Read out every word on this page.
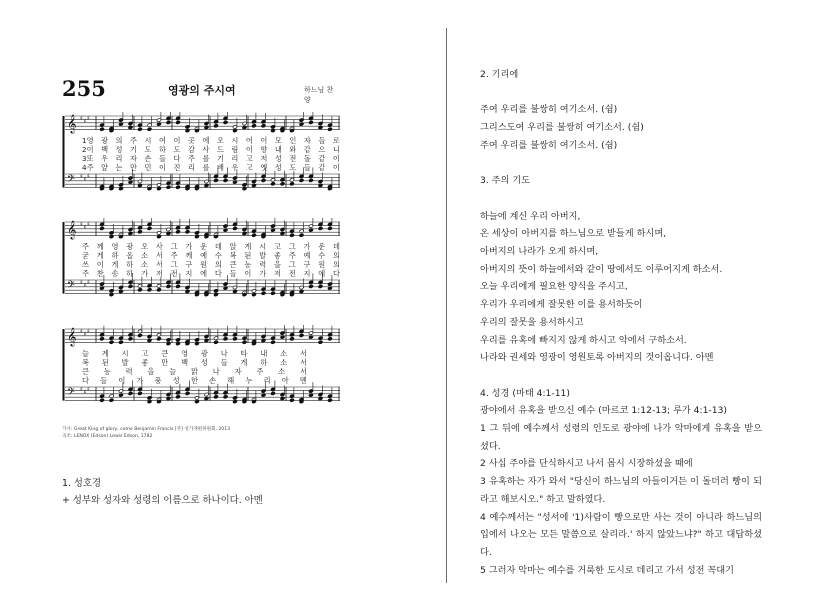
255	영광의 주시여	하느님 찬양
𝄞 ♯ ♯ ♯
𝄢 ♯ ♯ ♯
1영 광 의 주 시 여 이 곳 에 오 시 어 이 모 인 자 들 로
2이 백 성 기 도 하 도 감 사 드 림 이 향 내 와 같 으 니
3또 우 리 자 손 들 다 주 를 기 리 고 저 성 전 돌 같 이
4주 앞 는 만 민 이 진 리 를 배 우 고 옛 성 도 들 같 이
𝄞 ♯ ♯ ♯
𝄢 ♯ ♯ ♯
주 께 영 광 오 사 그 가 운 데 앉 게 시 고 그 가 운 데
굳 게 하 옵 소 서 주 께 예 수 복 된 발 좋 주 예 수 의
쓰 이 게 하 소 서 그 구 원 의 큰 능 력 을 그 구 원 의
주 찬 송 하 가 저 전 지 에 다 들 이 가 저 전 지 에 다
𝄞 ♯ ♯ ♯
𝄢 ♯ ♯ ♯
늘 계 시 고 큰 영 광 나 타 내 소 서
복 된 발 좋 만 백 성 들 게 하 소 서
큰 능 력 을 늘 맑 나 자 주 소 서
다 들 이 가 풍 성 한 손 해 누 리 아 멘
가사: Great King of glory, come Benjamin Francis [주] 성가개편위원회, 2013
곡조: LENOX (Edson) Lewis Edson, 1782
1. 성호경
+ 성부와 성자와 성령의 이름으로 하나이다. 아멘

2. 기리에

주여 우리를 불쌍히 여기소서. (쉼)

그리스도여 우리를 불쌍히 여기소서. (쉼)

주여 우리를 불쌍히 여기소서. (쉼)

3. 주의 기도

하늘에 계신 우리 아버지,

온 세상이 아버지를 하느님으로 받들게 하시며,

아버지의 나라가 오게 하시며,

아버지의 뜻이 하늘에서와 같이 땅에서도 이루어지게 하소서.

오늘 우리에게 필요한 양식을 주시고,

우리가 우리에게 잘못한 이를 용서하듯이

우리의 잘못을 용서하시고

우리를 유혹에 빠지지 않게 하시고 악에서 구하소서.

나라와 권세와 영광이 영원토록 아버지의 것이옵니다. 아멘

4. 성경 (마태 4:1-11)

광야에서 유혹을 받으신 예수 (마르코 1:12-13; 루가 4:1-13)

1 그 뒤에 예수께서 성령의 인도로 광야에 나가 악마에게 유혹을 받으셨다.

2 사십 주야를 단식하시고 나서 몹시 시장하셨을 때에

3 유혹하는 자가 와서 "당신이 하느님의 아들이거든 이 돌더러 빵이 되라고 해보시오." 하고 말하였다.

4 예수께서는 "성서에 '1)사람이 빵으로만 사는 것이 아니라 하느님의 입에서 나오는 모든 말씀으로 살리라.' 하지 않았느냐?" 하고 대답하셨다.

5 그러자 악마는 예수를 거룩한 도시로 데리고 가서 성전 꼭대기
